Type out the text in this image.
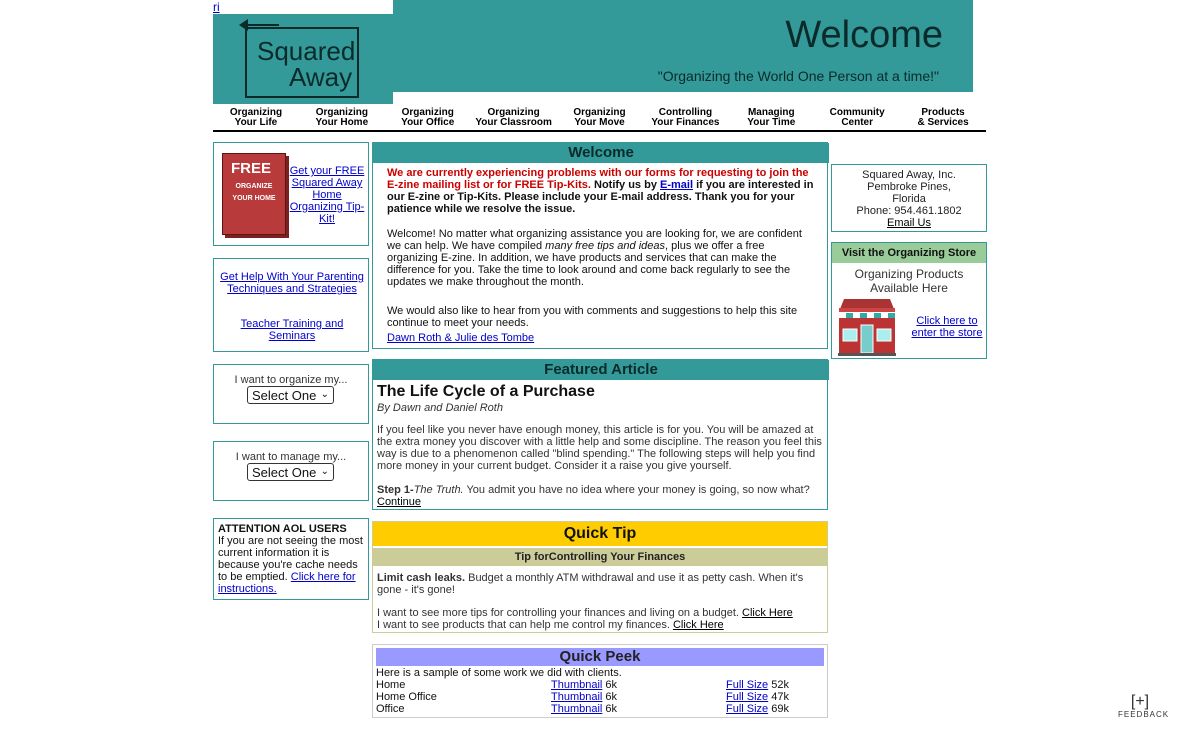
ri
Squared
Away
Welcome
"Organizing the World One Person at a time!"
Organizing
Your Life
Organizing
Your Home
Organizing
Your Office
Organizing
Your Classroom
Organizing
Your Move
Controlling
Your Finances
Managing
Your Time
Community
Center
Products
& Services
FREE
ORGANIZE YOUR HOME
Get your FREE Squared Away Home Organizing Tip-Kit!
Get Help With Your Parenting Techniques and Strategies
Teacher Training and Seminars
I want to organize my...
Select One ⌄
I want to manage my...
Select One ⌄
ATTENTION AOL USERS
If you are not seeing the most current information it is because you're cache needs to be emptied. Click here for instructions.
Welcome
We are currently experiencing problems with our forms for requesting to join the E-zine mailing list or for FREE Tip-Kits. Notify us by E-mail if you are interested in our E-zine or Tip-Kits. Please include your E-mail address. Thank you for your patience while we resolve the issue.
Welcome! No matter what organizing assistance you are looking for, we are confident we can help. We have compiled many free tips and ideas, plus we offer a free organizing E-zine. In addition, we have products and services that can make the difference for you. Take the time to look around and come back regularly to see the updates we make throughout the month.
We would also like to hear from you with comments and suggestions to help this site continue to meet your needs.
Dawn Roth & Julie des Tombe
Featured Article
The Life Cycle of a Purchase
By Dawn and Daniel Roth
If you feel like you never have enough money, this article is for you. You will be amazed at the extra money you discover with a little help and some discipline. The reason you feel this way is due to a phenomenon called "blind spending." The following steps will help you find more money in your current budget. Consider it a raise you give yourself.
Step 1-The Truth. You admit you have no idea where your money is going, so now what?
Continue
Quick Tip
Tip forControlling Your Finances
Limit cash leaks. Budget a monthly ATM withdrawal and use it as petty cash. When it's gone - it's gone!
I want to see more tips for controlling your finances and living on a budget. Click Here
I want to see products that can help me control my finances. Click Here
Quick Peek
Here is a sample of some work we did with clients.
Home	Thumbnail 6k	Full Size 52k
Home Office	Thumbnail 6k	Full Size 47k
Office	Thumbnail 6k	Full Size 69k
Squared Away, Inc.
Pembroke Pines,
Florida
Phone: 954.461.1802
Email Us
Visit the Organizing Store
Organizing Products Available Here
Click here to enter the store
[+]
FEEDBACK
